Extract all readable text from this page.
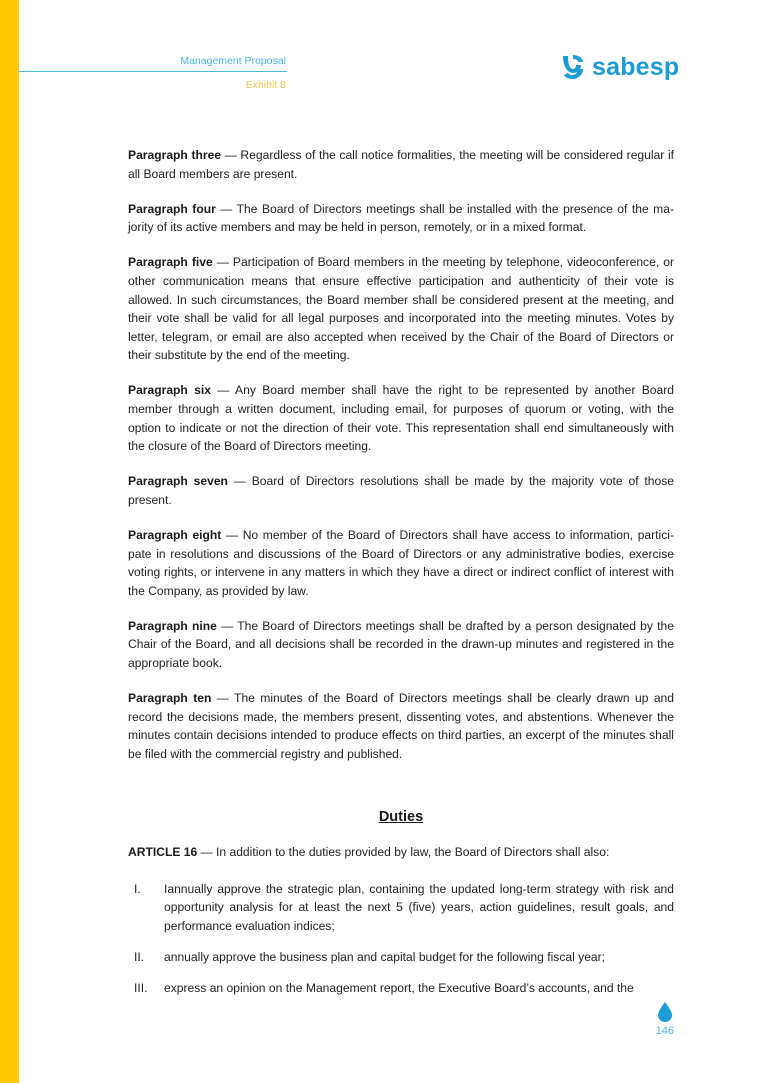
Management Proposal
Exhibit 8
sabesp

Paragraph three — Regardless of the call notice formalities, the meeting will be considered regular if all Board members are present.

Paragraph four — The Board of Directors meetings shall be installed with the presence of the ma-jority of its active members and may be held in person, remotely, or in a mixed format.

Paragraph five — Participation of Board members in the meeting by telephone, videoconference, or other communication means that ensure effective participation and authenticity of their vote is allowed. In such circumstances, the Board member shall be considered present at the meeting, and their vote shall be valid for all legal purposes and incorporated into the meeting minutes. Votes by letter, telegram, or email are also accepted when received by the Chair of the Board of Directors or their substitute by the end of the meeting.

Paragraph six — Any Board member shall have the right to be represented by another Board member through a written document, including email, for purposes of quorum or voting, with the option to indicate or not the direction of their vote. This representation shall end simultaneously with the closure of the Board of Directors meeting.

Paragraph seven — Board of Directors resolutions shall be made by the majority vote of those present.

Paragraph eight — No member of the Board of Directors shall have access to information, partici-pate in resolutions and discussions of the Board of Directors or any administrative bodies, exercise voting rights, or intervene in any matters in which they have a direct or indirect conflict of interest with the Company, as provided by law.

Paragraph nine — The Board of Directors meetings shall be drafted by a person designated by the Chair of the Board, and all decisions shall be recorded in the drawn-up minutes and registered in the appropriate book.

Paragraph ten — The minutes of the Board of Directors meetings shall be clearly drawn up and record the decisions made, the members present, dissenting votes, and abstentions. Whenever the minutes contain decisions intended to produce effects on third parties, an excerpt of the minutes shall be filed with the commercial registry and published.

Duties

ARTICLE 16 — In addition to the duties provided by law, the Board of Directors shall also:

I.	Iannually approve the strategic plan, containing the updated long-term strategy with risk and opportunity analysis for at least the next 5 (five) years, action guidelines, result goals, and performance evaluation indices;
II.	annually approve the business plan and capital budget for the following fiscal year;
III.	express an opinion on the Management report, the Executive Board’s accounts, and the
146
